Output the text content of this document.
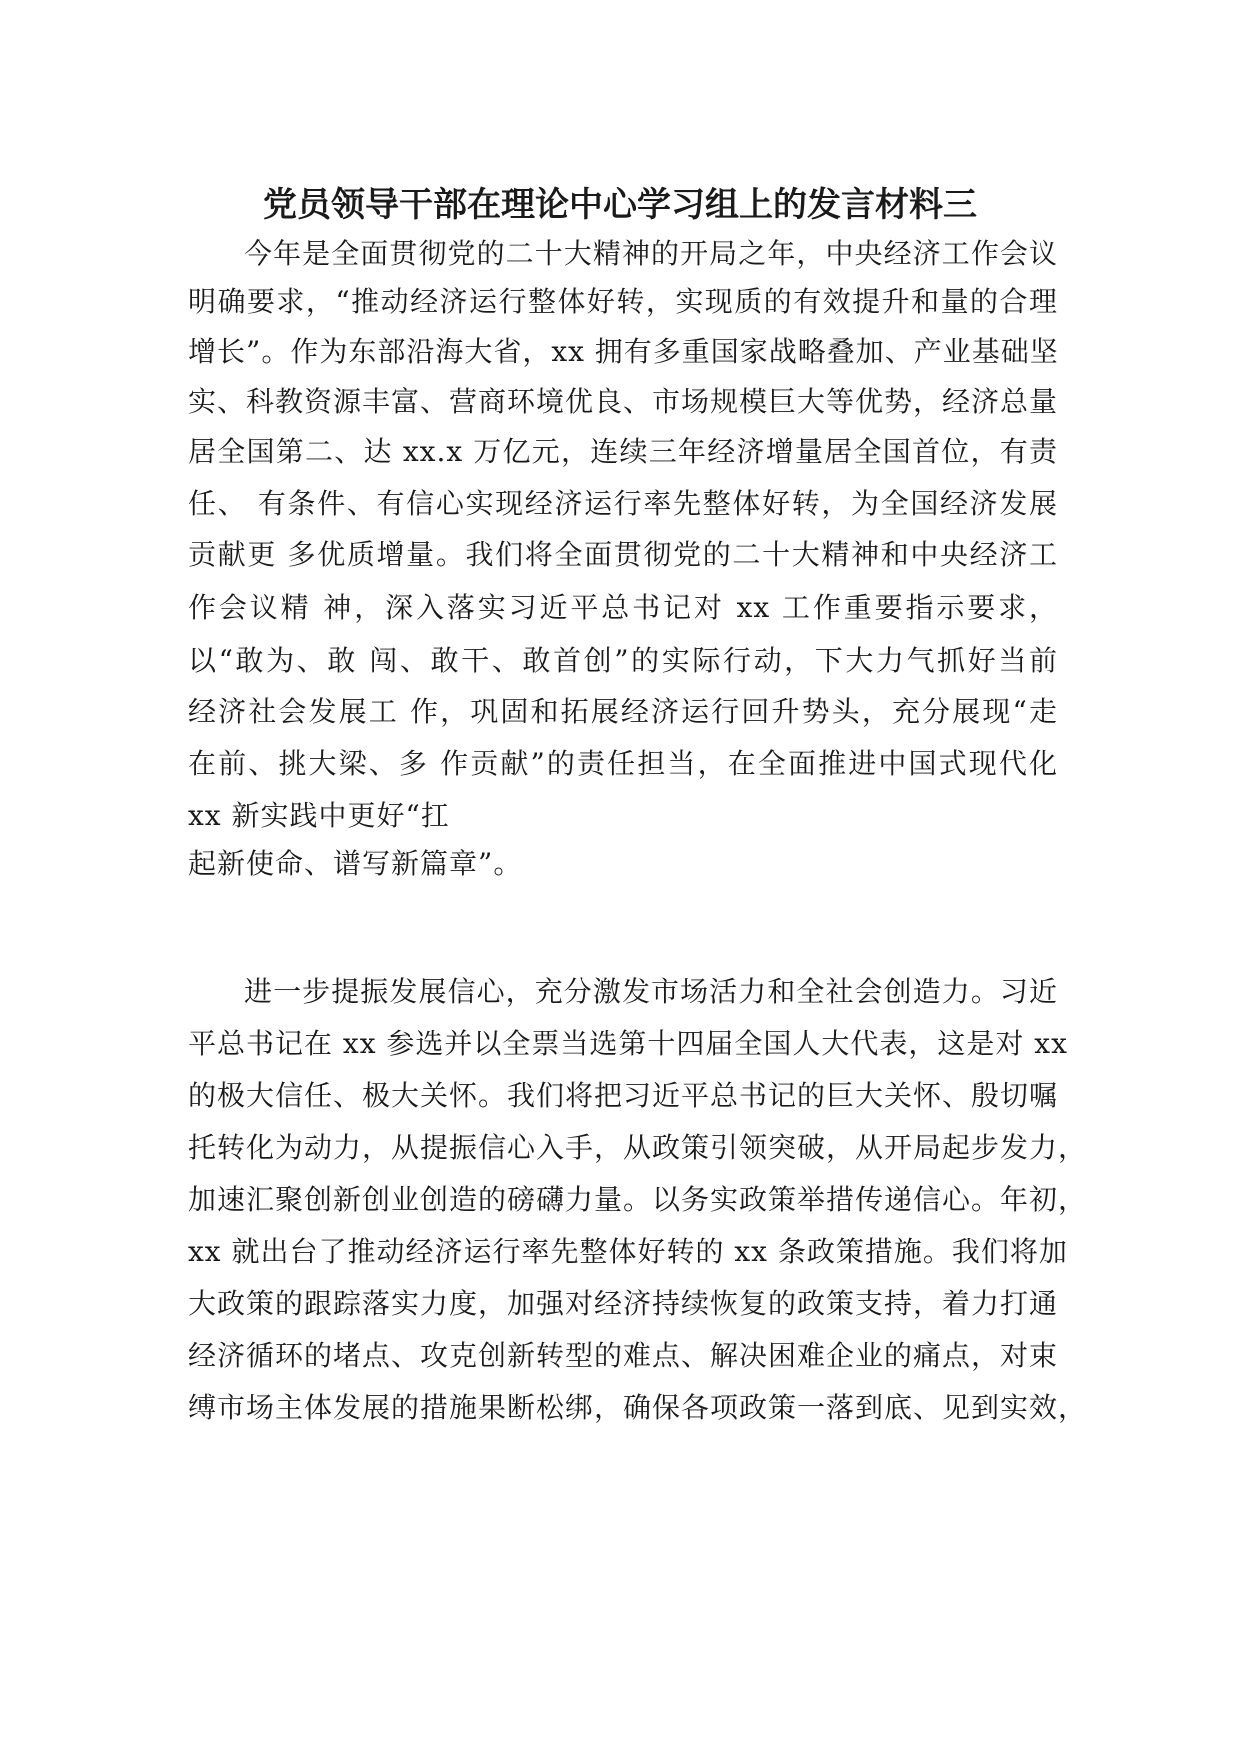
党员领导干部在理论中心学习组上的发言材料三
今年是全面贯彻党的二十大精神的开局之年，中央经济工作会议
明确要求，“推动经济运行整体好转，实现质的有效提升和量的合理
增长”。作为东部沿海大省，xx 拥有多重国家战略叠加、产业基础坚
实、科教资源丰富、营商环境优良、市场规模巨大等优势，经济总量
居全国第二、达 xx.x 万亿元，连续三年经济增量居全国首位，有责
任、 有条件、有信心实现经济运行率先整体好转，为全国经济发展
贡献更 多优质增量。我们将全面贯彻党的二十大精神和中央经济工
作会议精 神，深入落实习近平总书记对 xx 工作重要指示要求，
以“敢为、敢 闯、敢干、敢首创”的实际行动，下大力气抓好当前
经济社会发展工 作，巩固和拓展经济运行回升势头，充分展现“走
在前、挑大梁、多 作贡献”的责任担当，在全面推进中国式现代化
xx 新实践中更好“扛
起新使命、谱写新篇章”。
进一步提振发展信心，充分激发市场活力和全社会创造力。习近
平总书记在 xx 参选并以全票当选第十四届全国人大代表，这是对 xx
的极大信任、极大关怀。我们将把习近平总书记的巨大关怀、殷切嘱
托转化为动力，从提振信心入手，从政策引领突破，从开局起步发力，
加速汇聚创新创业创造的磅礴力量。以务实政策举措传递信心。年初，
xx 就出台了推动经济运行率先整体好转的 xx 条政策措施。我们将加
大政策的跟踪落实力度，加强对经济持续恢复的政策支持，着力打通
经济循环的堵点、攻克创新转型的难点、解决困难企业的痛点，对束
缚市场主体发展的措施果断松绑，确保各项政策一落到底、见到实效，
